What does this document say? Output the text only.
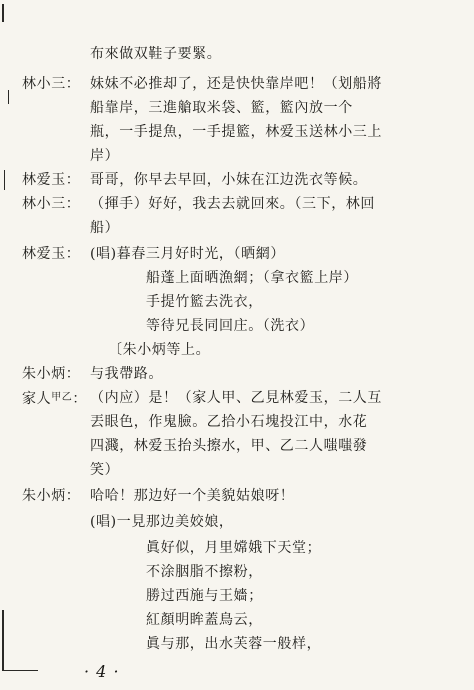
布來做双鞋子要緊。
林小三： 妹妹不必推却了，还是快快靠岸吧！（划船將
船靠岸，三進艙取米袋、籃，籃內放一个
瓶，一手提魚，一手提籃，林爱玉送林小三上
岸）
林爱玉： 哥哥，你早去早回，小妹在江边洗衣等候。
林小三： （揮手）好好，我去去就回來。（三下，林回
船）
林爱玉： (唱)暮春三月好时光，（晒網）
船蓬上面晒漁網；（拿衣籃上岸）
手提竹籃去洗衣，
等待兄長同回庄。（洗衣）
〔朱小炳等上。
朱小炳： 与我帶路。
家人$^{甲乙}$： （内应）是！（家人甲、乙見林爱玉，二人互
丟眼色，作鬼臉。乙拾小石塊投江中，水花
四濺，林爱玉抬头擦水，甲、乙二人嗤嗤發
笑）
朱小炳： 哈哈！那边好一个美貌姑娘呀！
(唱)一見那边美姣娘，
眞好似，月里嫦娥下天堂；
不涂胭脂不擦粉，
勝过西施与王嬙；
紅顏明眸蓋鳥云，
眞与那，出水芙蓉一般样，
· 4 ·
